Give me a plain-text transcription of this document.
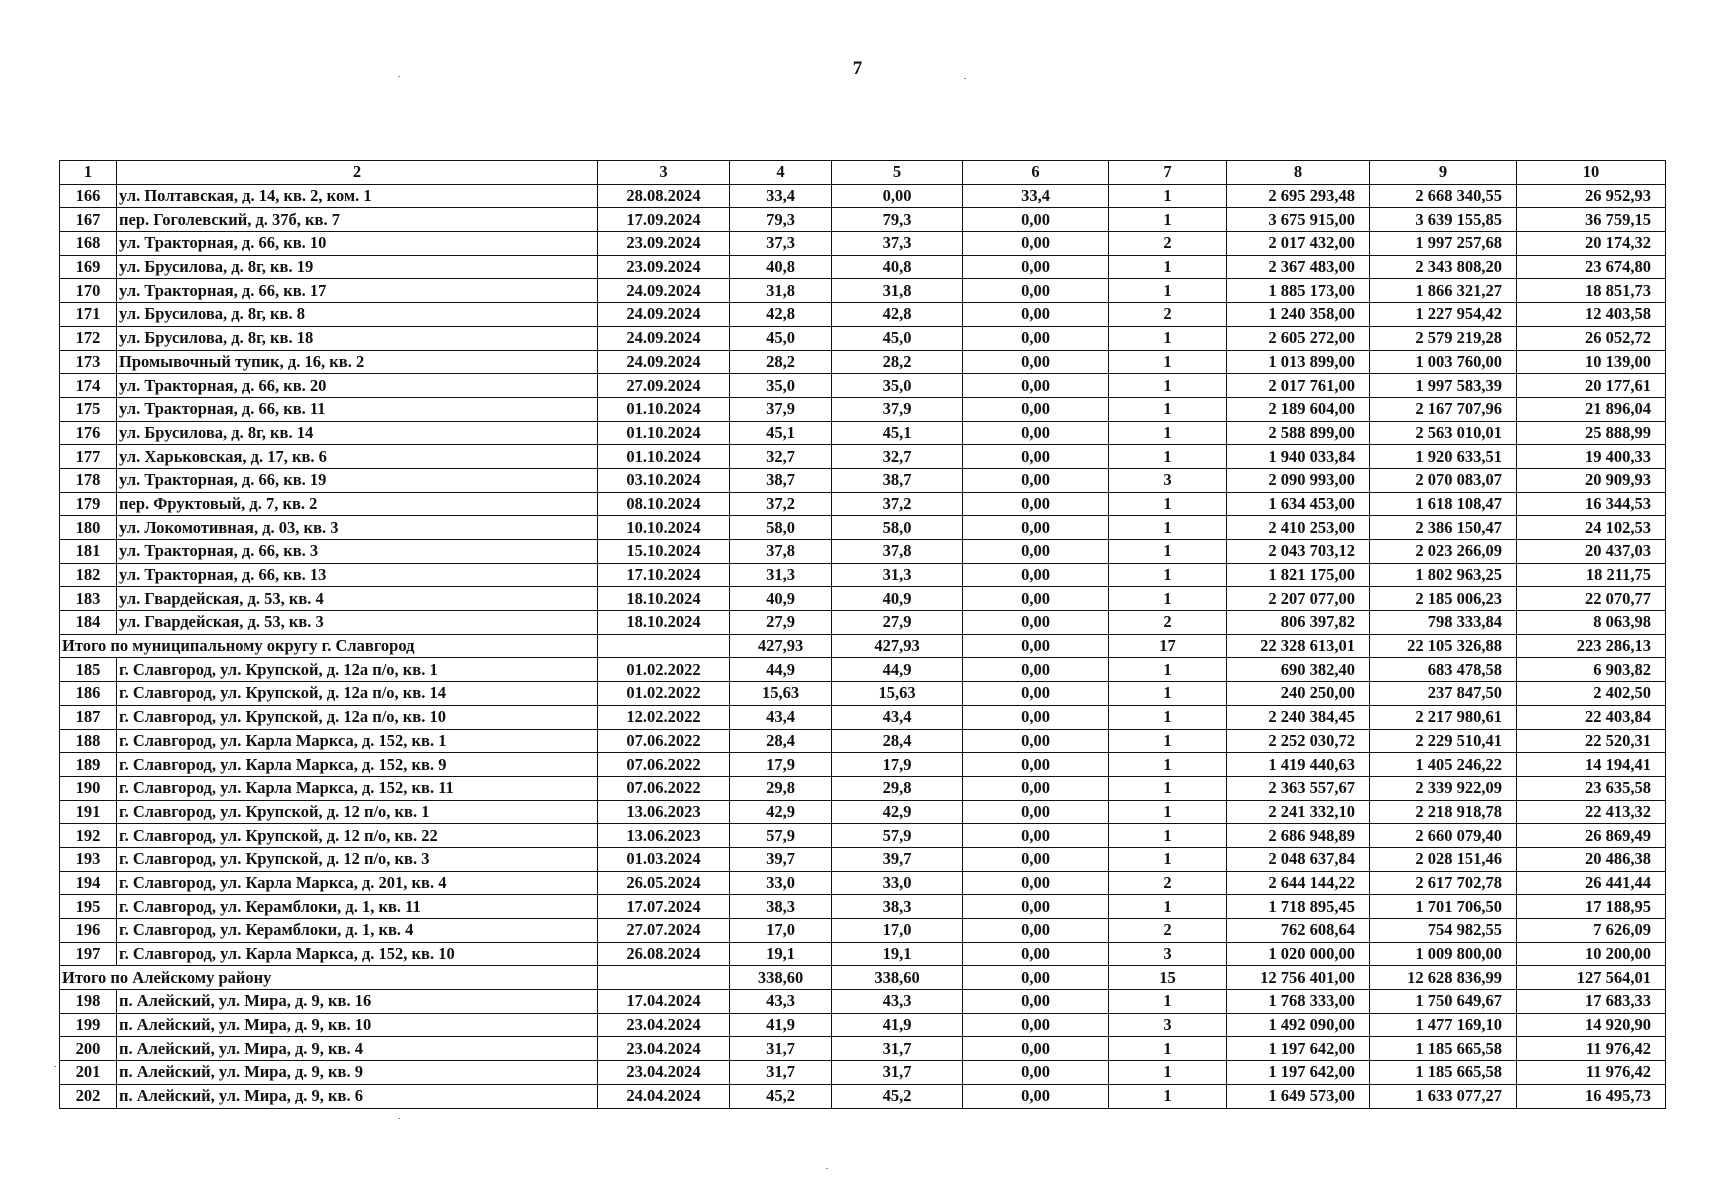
7
1	2	3	4	5	6	7	8	9	10
166	ул. Полтавская, д. 14, кв. 2, ком. 1	28.08.2024	33,4	0,00	33,4	1	2 695 293,48	2 668 340,55	26 952,93
167	пер. Гоголевский, д. 37б, кв. 7	17.09.2024	79,3	79,3	0,00	1	3 675 915,00	3 639 155,85	36 759,15
168	ул. Тракторная, д. 66, кв. 10	23.09.2024	37,3	37,3	0,00	2	2 017 432,00	1 997 257,68	20 174,32
169	ул. Брусилова, д. 8г, кв. 19	23.09.2024	40,8	40,8	0,00	1	2 367 483,00	2 343 808,20	23 674,80
170	ул. Тракторная, д. 66, кв. 17	24.09.2024	31,8	31,8	0,00	1	1 885 173,00	1 866 321,27	18 851,73
171	ул. Брусилова, д. 8г, кв. 8	24.09.2024	42,8	42,8	0,00	2	1 240 358,00	1 227 954,42	12 403,58
172	ул. Брусилова, д. 8г, кв. 18	24.09.2024	45,0	45,0	0,00	1	2 605 272,00	2 579 219,28	26 052,72
173	Промывочный тупик, д. 16, кв. 2	24.09.2024	28,2	28,2	0,00	1	1 013 899,00	1 003 760,00	10 139,00
174	ул. Тракторная, д. 66, кв. 20	27.09.2024	35,0	35,0	0,00	1	2 017 761,00	1 997 583,39	20 177,61
175	ул. Тракторная, д. 66, кв. 11	01.10.2024	37,9	37,9	0,00	1	2 189 604,00	2 167 707,96	21 896,04
176	ул. Брусилова, д. 8г, кв. 14	01.10.2024	45,1	45,1	0,00	1	2 588 899,00	2 563 010,01	25 888,99
177	ул. Харьковская, д. 17, кв. 6	01.10.2024	32,7	32,7	0,00	1	1 940 033,84	1 920 633,51	19 400,33
178	ул. Тракторная, д. 66, кв. 19	03.10.2024	38,7	38,7	0,00	3	2 090 993,00	2 070 083,07	20 909,93
179	пер. Фруктовый, д. 7, кв. 2	08.10.2024	37,2	37,2	0,00	1	1 634 453,00	1 618 108,47	16 344,53
180	ул. Локомотивная, д. 03, кв. 3	10.10.2024	58,0	58,0	0,00	1	2 410 253,00	2 386 150,47	24 102,53
181	ул. Тракторная, д. 66, кв. 3	15.10.2024	37,8	37,8	0,00	1	2 043 703,12	2 023 266,09	20 437,03
182	ул. Тракторная, д. 66, кв. 13	17.10.2024	31,3	31,3	0,00	1	1 821 175,00	1 802 963,25	18 211,75
183	ул. Гвардейская, д. 53, кв. 4	18.10.2024	40,9	40,9	0,00	1	2 207 077,00	2 185 006,23	22 070,77
184	ул. Гвардейская, д. 53, кв. 3	18.10.2024	27,9	27,9	0,00	2	806 397,82	798 333,84	8 063,98
Итого по муниципальному округу г. Славгород			427,93	427,93	0,00	17	22 328 613,01	22 105 326,88	223 286,13
185	г. Славгород, ул. Крупской, д. 12а п/о, кв. 1	01.02.2022	44,9	44,9	0,00	1	690 382,40	683 478,58	6 903,82
186	г. Славгород, ул. Крупской, д. 12а п/о, кв. 14	01.02.2022	15,63	15,63	0,00	1	240 250,00	237 847,50	2 402,50
187	г. Славгород, ул. Крупской, д. 12а п/о, кв. 10	12.02.2022	43,4	43,4	0,00	1	2 240 384,45	2 217 980,61	22 403,84
188	г. Славгород, ул. Карла Маркса, д. 152, кв. 1	07.06.2022	28,4	28,4	0,00	1	2 252 030,72	2 229 510,41	22 520,31
189	г. Славгород, ул. Карла Маркса, д. 152, кв. 9	07.06.2022	17,9	17,9	0,00	1	1 419 440,63	1 405 246,22	14 194,41
190	г. Славгород, ул. Карла Маркса, д. 152, кв. 11	07.06.2022	29,8	29,8	0,00	1	2 363 557,67	2 339 922,09	23 635,58
191	г. Славгород, ул. Крупской, д. 12 п/о, кв. 1	13.06.2023	42,9	42,9	0,00	1	2 241 332,10	2 218 918,78	22 413,32
192	г. Славгород, ул. Крупской, д. 12 п/о, кв. 22	13.06.2023	57,9	57,9	0,00	1	2 686 948,89	2 660 079,40	26 869,49
193	г. Славгород, ул. Крупской, д. 12 п/о, кв. 3	01.03.2024	39,7	39,7	0,00	1	2 048 637,84	2 028 151,46	20 486,38
194	г. Славгород, ул. Карла Маркса, д. 201, кв. 4	26.05.2024	33,0	33,0	0,00	2	2 644 144,22	2 617 702,78	26 441,44
195	г. Славгород, ул. Керамблоки, д. 1, кв. 11	17.07.2024	38,3	38,3	0,00	1	1 718 895,45	1 701 706,50	17 188,95
196	г. Славгород, ул. Керамблоки, д. 1, кв. 4	27.07.2024	17,0	17,0	0,00	2	762 608,64	754 982,55	7 626,09
197	г. Славгород, ул. Карла Маркса, д. 152, кв. 10	26.08.2024	19,1	19,1	0,00	3	1 020 000,00	1 009 800,00	10 200,00
Итого по Алейскому району			338,60	338,60	0,00	15	12 756 401,00	12 628 836,99	127 564,01
198	п. Алейский, ул. Мира, д. 9, кв. 16	17.04.2024	43,3	43,3	0,00	1	1 768 333,00	1 750 649,67	17 683,33
199	п. Алейский, ул. Мира, д. 9, кв. 10	23.04.2024	41,9	41,9	0,00	3	1 492 090,00	1 477 169,10	14 920,90
200	п. Алейский, ул. Мира, д. 9, кв. 4	23.04.2024	31,7	31,7	0,00	1	1 197 642,00	1 185 665,58	11 976,42
201	п. Алейский, ул. Мира, д. 9, кв. 9	23.04.2024	31,7	31,7	0,00	1	1 197 642,00	1 185 665,58	11 976,42
202	п. Алейский, ул. Мира, д. 9, кв. 6	24.04.2024	45,2	45,2	0,00	1	1 649 573,00	1 633 077,27	16 495,73
